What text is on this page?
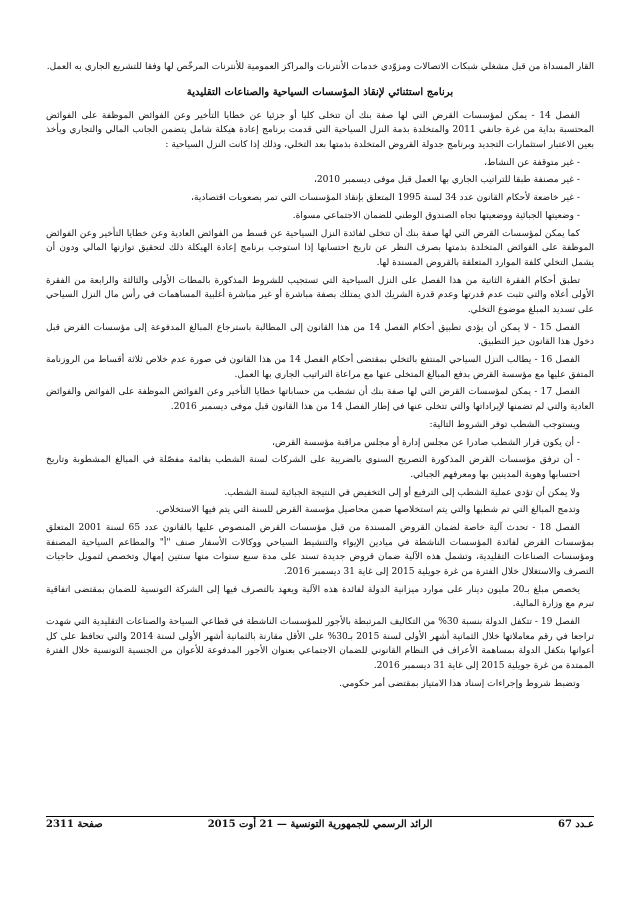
القار المسداة من قبل مشغلي شبكات الاتصالات ومزوّدي خدمات الأنترنات والمراكز العمومية للأنترنات المرخّص لها وفقا للتشريع الجاري به العمل.

برنامج استثنائي لإنقاذ المؤسسات السياحية والصناعات التقليدية

الفصل 14 - يمكن لمؤسسات القرض التي لها صفة بنك أن تتخلى كليا أو جزئيا عن خطايا التأخير وعن الفوائض الموظفة على الفوائض المحتسبة بداية من غرة جانفي 2011 والمتخلدة بذمة النزل السياحية التي قدمت برنامج إعادة هيكلة شامل يتضمن الجانب المالي والتجاري ويأخذ بعين الاعتبار استثمارات التجديد وبرنامج جدولة القروض المتخلدة بذمتها بعد التخلي، وذلك إذا كانت النزل السياحية :

- غير متوقفة عن النشاط،

- غير مصنفة طبقا للتراتيب الجاري بها العمل قبل موفى ديسمبر 2010،

- غير خاضعة لأحكام القانون عدد 34 لسنة 1995 المتعلق بإنقاذ المؤسسات التي تمر بصعوبات اقتصادية،

- وضعيتها الجبائية ووضعيتها تجاه الصندوق الوطني للضمان الاجتماعي مسواة.

كما يمكن لمؤسسات القرض التي لها صفة بنك أن تتخلى لفائدة النزل السياحية عن قسط من الفوائض العادية وعن خطايا التأخير وعن الفوائض الموظفة على الفوائض المتخلدة بذمتها بصرف النظر عن تاريخ احتسابها إذا استوجب برنامج إعادة الهيكلة ذلك لتحقيق توازنها المالي ودون أن يشمل التخلي كلفة الموارد المتعلقة بالقروض المسندة لها.

تطبق أحكام الفقرة الثانية من هذا الفصل على النزل السياحية التي تستجيب للشروط المذكورة بالمطات الأولى والثالثة والرابعة من الفقرة الأولى أعلاه والتي تثبت عدم قدرتها وعدم قدرة الشريك الذي يمتلك بصفة مباشرة أو غير مباشرة أغلبية المساهمات في رأس مال النزل السياحي على تسديد المبلغ موضوع التخلي.

الفصل 15 - لا يمكن أن يؤدي تطبيق أحكام الفصل 14 من هذا القانون إلى المطالبة باسترجاع المبالغ المدفوعة إلى مؤسسات القرض قبل دخول هذا القانون حيز التطبيق.

الفصل 16 - يطالب النزل السياحي المنتفع بالتخلي بمقتضى أحكام الفصل 14 من هذا القانون في صورة عدم خلاص ثلاثة أقساط من الروزنامة المتفق عليها مع مؤسسة القرض بدفع المبالغ المتخلى عنها مع مراعاة التراتيب الجاري بها العمل.

الفصل 17 - يمكن لمؤسسات القرض التي لها صفة بنك أن تشطب من حساباتها خطايا التأخير وعن الفوائض الموظفة على الفوائض والفوائض العادية والتي لم تضمنها لإيراداتها والتي تتخلى عنها في إطار الفصل 14 من هذا القانون قبل موفى ديسمبر 2016.

ويستوجب الشطب توفر الشروط التالية:

- أن يكون قرار الشطب صادرا عن مجلس إدارة أو مجلس مراقبة مؤسسة القرض،

- أن ترفق مؤسسات القرض المذكورة التصريح السنوي بالضريبة على الشركات لسنة الشطب بقائمة مفصّلة في المبالغ المشطوبة وتاريخ احتسابها وهوية المدينين بها ومعرفهم الجبائي.

ولا يمكن أن تؤدي عملية الشطب إلى الترفيع أو إلى التخفيض في النتيجة الجبائية لسنة الشطب.

وتدمج المبالغ التي تم شطبها والتي يتم استخلاصها ضمن محاصيل مؤسسة القرض للسنة التي يتم فيها الاستخلاص.

الفصل 18 - تحدث آلية خاصة لضمان القروض المسندة من قبل مؤسسات القرض المنصوص عليها بالقانون عدد 65 لسنة 2001 المتعلق بمؤسسات القرض لفائدة المؤسسات الناشطة في ميادين الإيواء والتنشيط السياحي ووكالات الأسفار صنف "أ" والمطاعم السياحية المصنفة ومؤسسات الصناعات التقليدية، وتشمل هذه الآلية ضمان قروض جديدة تسند على مدة سبع سنوات منها سنتين إمهال وتخصص لتمويل حاجيات التصرف والاستغلال خلال الفترة من غرة جويلية 2015 إلى غاية 31 ديسمبر 2016.

يخصص مبلغ بـ20 مليون دينار على موارد ميزانية الدولة لفائدة هذه الآلية ويعهد بالتصرف فيها إلى الشركة التونسية للضمان بمقتضى اتفاقية تبرم مع وزارة المالية.

الفصل 19 - تتكفل الدولة بنسبة 30% من التكاليف المرتبطة بالأجور للمؤسسات الناشطة في قطاعي السياحة والصناعات التقليدية التي شهدت تراجعا في رقم معاملاتها خلال الثمانية أشهر الأولى لسنة 2015 بـ30% على الأقل مقارنة بالثمانية أشهر الأولى لسنة 2014 والتي تحافظ على كل أعوانها بتكفل الدولة بمساهمة الأعراف في النظام القانوني للضمان الاجتماعي بعنوان الأجور المدفوعة للأعوان من الجنسية التونسية خلال الفترة الممتدة من غرة جويلية 2015 إلى غاية 31 ديسمبر 2016.

وتضبط شروط وإجراءات إسناد هذا الامتياز بمقتضى أمر حكومي.

عـدد 67
الرائد الرسمي للجمهورية التونسية — 21 أوت 2015
صفحة 2311
